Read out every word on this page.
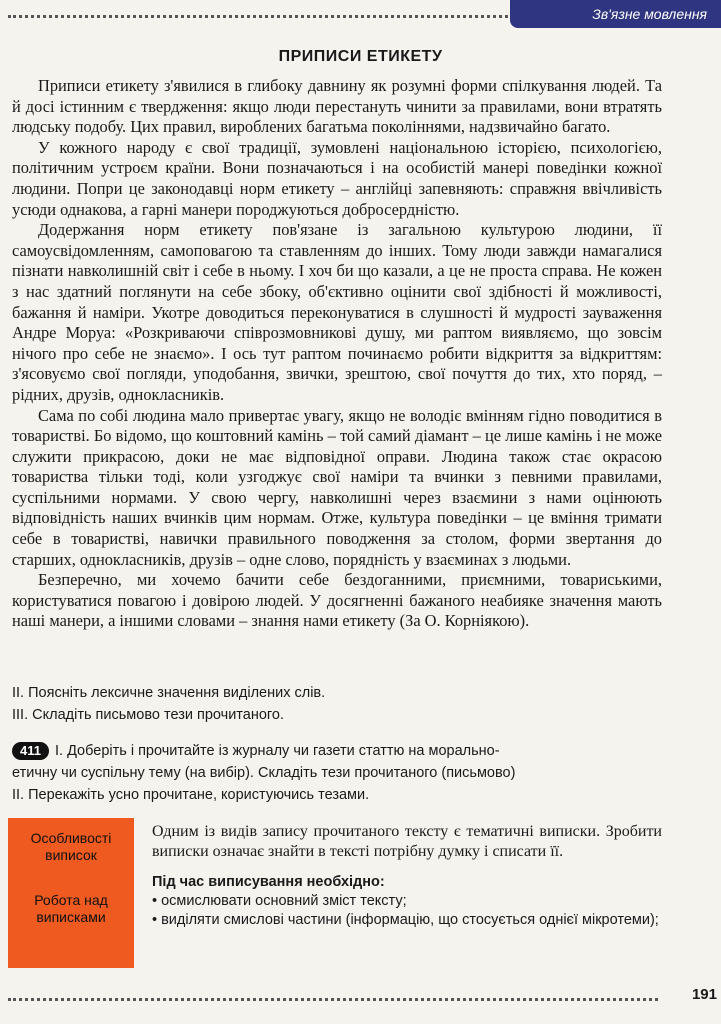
Зв'язне мовлення
ПРИПИСИ ЕТИКЕТУ

Приписи етикету з'явилися в глибоку давнину як розумні форми спілкування людей. Та й досі істинним є твердження: якщо люди перестануть чинити за правилами, вони втратять людську подобу. Цих правил, вироблених багатьма поколіннями, надзвичайно багато.

У кожного народу є свої традиції, зумовлені національною історією, психологією, політичним устроєм країни. Вони позначаються і на особистій манері поведінки кожної людини. Попри це законодавці норм етикету – англійці запевняють: справжня ввічливість усюди однакова, а гарні манери породжуються добросердністю.

Додержання норм етикету пов'язане із загальною культурою людини, її самоусвідомленням, самоповагою та ставленням до інших. Тому люди завжди намагалися пізнати навколишній світ і себе в ньому. І хоч би що казали, а це не проста справа. Не кожен з нас здатний поглянути на себе збоку, об'єктивно оцінити свої здібності й можливості, бажання й наміри. Укотре доводиться переконуватися в слушності й мудрості зауваження Андре Моруа: «Розкриваючи співрозмовникові душу, ми раптом виявляємо, що зовсім нічого про себе не знаємо». І ось тут раптом починаємо робити відкриття за відкриттям: з'ясовуємо свої погляди, уподобання, звички, зрештою, свої почуття до тих, хто поряд, – рідних, друзів, однокласників.

Сама по собі людина мало привертає увагу, якщо не володіє вмінням гідно поводитися в товаристві. Бо відомо, що коштовний камінь – той самий діамант – це лише камінь і не може служити прикрасою, доки не має відповідної оправи. Людина також стає окрасою товариства тільки тоді, коли узгоджує свої наміри та вчинки з певними правилами, суспільними нормами. У свою чергу, навколишні через взаємини з нами оцінюють відповідність наших вчинків цим нормам. Отже, культура поведінки – це вміння тримати себе в товаристві, навички правильного поводження за столом, форми звертання до старших, однокласників, друзів – одне слово, порядність у взаєминах з людьми.

Безперечно, ми хочемо бачити себе бездоганними, приємними, товариськими, користуватися повагою і довірою людей. У досягненні бажаного неабияке значення мають наші манери, а іншими словами – знання нами етикету (За О. Корніякою).

II. Поясніть лексичне значення виділених слів.
III. Складіть письмово тези прочитаного.
411 I. Доберіть і прочитайте із журналу чи газети статтю на морально-
етичну чи суспільну тему (на вибір). Складіть тези прочитаного (письмово)
II. Перекажіть усно прочитане, користуючись тезами.
Особливості виписок
Робота над виписками

Одним із видів запису прочитаного тексту є тематичні виписки. Зробити виписки означає знайти в тексті потрібну думку і списати її.

Під час виписування необхідно:

• осмислювати основний зміст тексту;

• виділяти смислові частини (інформацію, що стосується однієї мікротеми);

191
